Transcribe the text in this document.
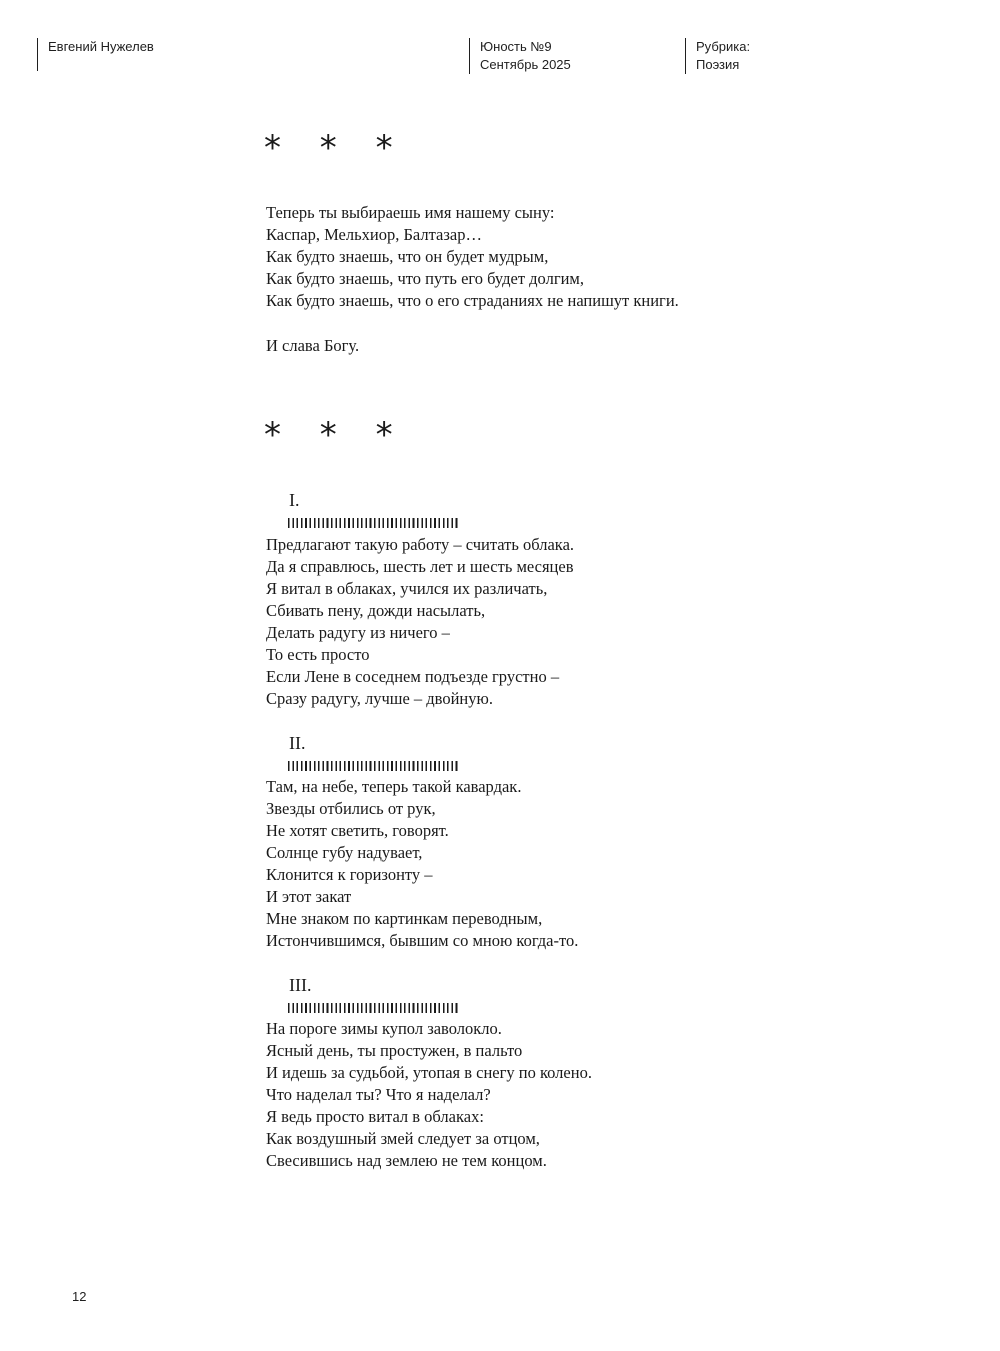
Евгений Нужелев	Юность №9
Сентябрь 2025
Рубрика:
Поэзия
* * *
Теперь ты выбираешь имя нашему сыну:
Каспар, Мельхиор, Балтазар…
Как будто знаешь, что он будет мудрым,
Как будто знаешь, что путь его будет долгим,
Как будто знаешь, что о его страданиях не напишут книги.
И слава Богу.
* * *
I.
Предлагают такую работу – считать облака.
Да я справлюсь, шесть лет и шесть месяцев
Я витал в облаках, учился их различать,
Сбивать пену, дожди насылать,
Делать радугу из ничего –
То есть просто
Если Лене в соседнем подъезде грустно –
Сразу радугу, лучше – двойную.
II.
Там, на небе, теперь такой кавардак.
Звезды отбились от рук,
Не хотят светить, говорят.
Солнце губу надувает,
Клонится к горизонту –
И этот закат
Мне знаком по картинкам переводным,
Истончившимся, бывшим со мною когда-то.
III.
На пороге зимы купол заволокло.
Ясный день, ты простужен, в пальто
И идешь за судьбой, утопая в снегу по колено.
Что наделал ты? Что я наделал?
Я ведь просто витал в облаках:
Как воздушный змей следует за отцом,
Свесившись над землею не тем концом.
12
